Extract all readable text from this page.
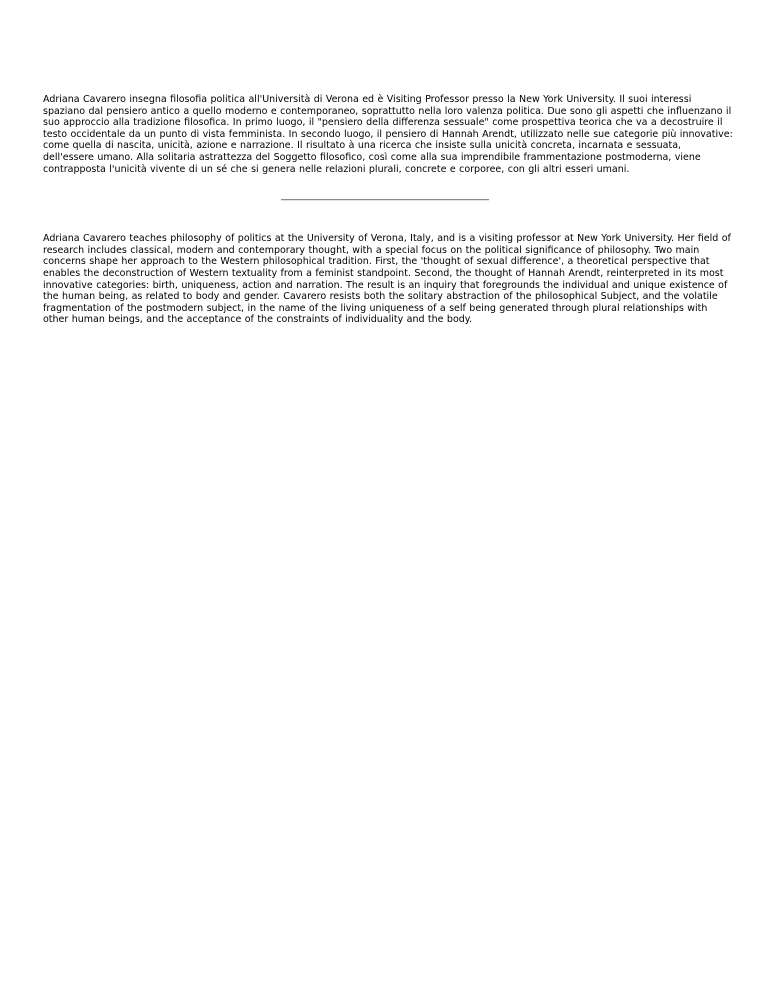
Adriana Cavarero insegna filosofia politica all'Università di Verona ed è Visiting Professor presso la New York University. Il suoi interessi spaziano dal pensiero antico a quello moderno e contemporaneo, soprattutto nella loro valenza politica. Due sono gli aspetti che influenzano il suo approccio alla tradizione filosofica. In primo luogo, il "pensiero della differenza sessuale" come prospettiva teorica che va a decostruire il testo occidentale da un punto di vista femminista. In secondo luogo, il pensiero di Hannah Arendt, utilizzato nelle sue categorie più innovative: come quella di nascita, unicità, azione e narrazione. Il risultato à una ricerca che insiste sulla unicità concreta, incarnata e sessuata, dell'essere umano. Alla solitaria astrattezza del Soggetto filosofico, così come alla sua imprendibile frammentazione postmoderna, viene contrapposta l'unicità vivente di un sé che si genera nelle relazioni plurali, concrete e corporee, con gli altri esseri umani.

Adriana Cavarero teaches philosophy of politics at the University of Verona, Italy, and is a visiting professor at New York University. Her field of research includes classical, modern and contemporary thought, with a special focus on the political significance of philosophy. Two main concerns shape her approach to the Western philosophical tradition. First, the 'thought of sexual difference', a theoretical perspective that enables the deconstruction of Western textuality from a feminist standpoint. Second, the thought of Hannah Arendt, reinterpreted in its most innovative categories: birth, uniqueness, action and narration. The result is an inquiry that foregrounds the individual and unique existence of the human being, as related to body and gender. Cavarero resists both the solitary abstraction of the philosophical Subject, and the volatile fragmentation of the postmodern subject, in the name of the living uniqueness of a self being generated through plural relationships with other human beings, and the acceptance of the constraints of individuality and the body.
